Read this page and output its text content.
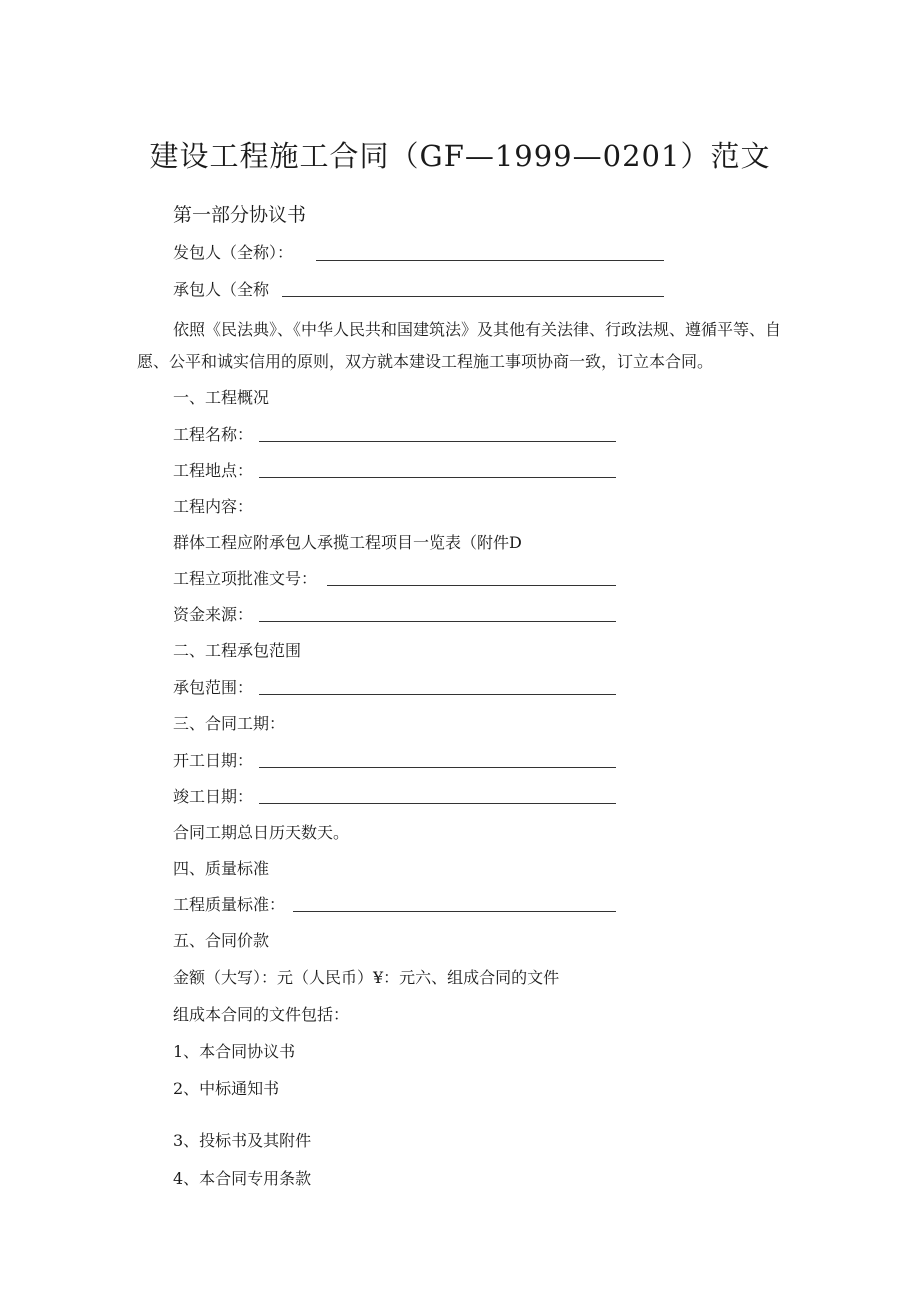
建设工程施工合同（GF—1999—0201）范文
第一部分协议书
发包人（全称）：
承包人（全称
依照《民法典》、《中华人民共和国建筑法》及其他有关法律、行政法规、遵循平等、自愿、公平和诚实信用的原则，双方就本建设工程施工事项协商一致，订立本合同。
一、工程概况
工程名称：
工程地点：
工程内容：
群体工程应附承包人承揽工程项目一览表（附件D
工程立项批准文号：
资金来源：
二、工程承包范围
承包范围：
三、合同工期：
开工日期：
竣工日期：
合同工期总日历天数天。
四、质量标准
工程质量标准：
五、合同价款
金额（大写）：元（人民币）¥：元六、组成合同的文件
组成本合同的文件包括：
1、本合同协议书
2、中标通知书
3、投标书及其附件
4、本合同专用条款
